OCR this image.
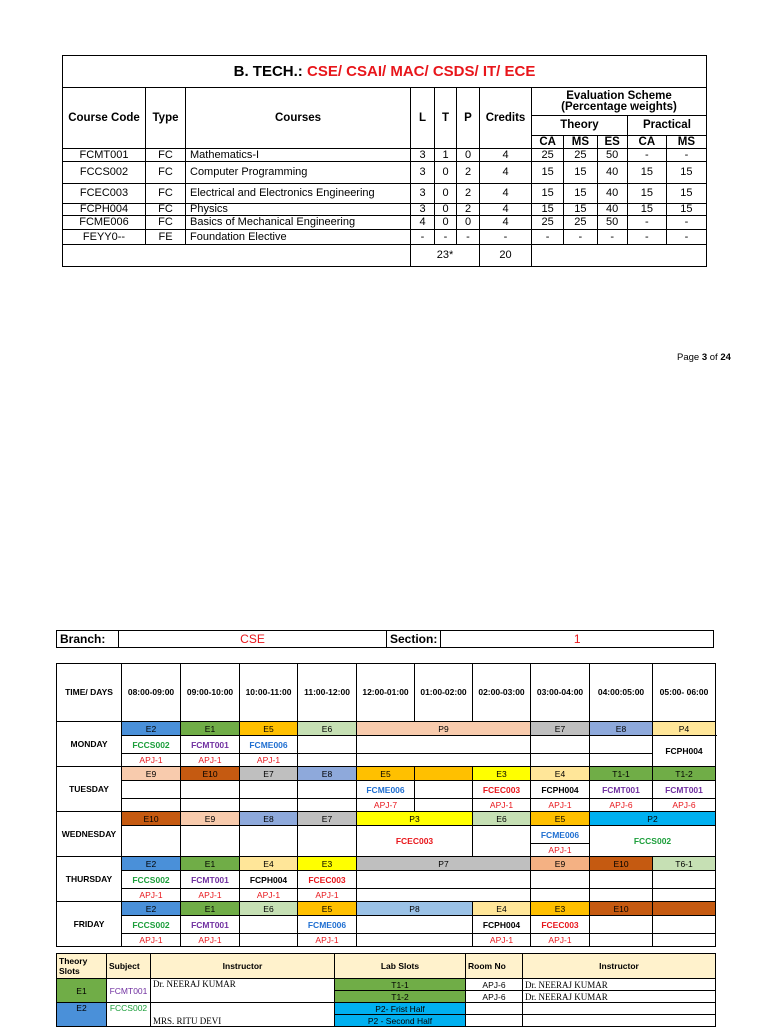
B. TECH.: CSE/ CSAI/ MAC/ CSDS/ IT/ ECE											
Course Code	Type	Courses	L	T	P	Credits	Evaluation Scheme
(Percentage weights)				

							Theory			Practical	
							CA	MS	ES	CA	MS
FCMT001	FC	Mathematics-I	3	1	0	4	25	25	50	-	-
FCCS002	FC	Computer Programming	3	0	2	4	15	15	40	15	15
FCEC003	FC	Electrical and Electronics Engineering	3	0	2	4	15	15	40	15	15
FCPH004	FC	Physics	3	0	2	4	15	15	40	15	15
FCME006	FC	Basics of Mechanical Engineering	4	0	0	4	25	25	50	-	-
FEYY0--	FE	Foundation Elective	-	-	-	-	-	-	-	-	-
			23*			20					
Page 3 of 24
Branch:	CSE	Section:	1
TIME/ DAYS	08:00-09:00	09:00-10:00	10:00-11:00	11:00-12:00	12:00-01:00	01:00-02:00	02:00-03:00	03:00-04:00	04:00:05:00	05:00- 06:00	
MONDAY	E2	E1	E5	E6	P9			E7	E8	P4	
	FCCS002	FCMT001	FCME006							FCPH004	
	APJ-1	APJ-1	APJ-1								
TUESDAY	E9	E10	E7	E8	E5		E3	E4	T1-1	T1-2	
					FCME006		FCEC003	FCPH004	FCMT001	FCMT001	
					APJ-7		APJ-1	APJ-1	APJ-6	APJ-6	
WEDNESDAY	E10	E9	E8	E7	P3		E6	E5	P2		
					FCEC003			FCME006	FCCS002		
								APJ-1			
THURSDAY	E2	E1	E4	E3	P7			E9	E10	T6-1	
	FCCS002	FCMT001	FCPH004	FCEC003							
	APJ-1	APJ-1	APJ-1	APJ-1							
FRIDAY	E2	E1	E6	E5	P8		E4	E3	E10		
	FCCS002	FCMT001		FCME006			FCPH004	FCEC003			
	APJ-1	APJ-1		APJ-1			APJ-1	APJ-1			
Theory Slots	Subject	Instructor	Lab Slots	Room No	Instructor
E1	FCMT001	Dr. NEERAJ KUMAR	T1-1	APJ-6	Dr. NEERAJ KUMAR
			T1-2	APJ-6	Dr. NEERAJ KUMAR
E2	FCCS002	MRS. RITU DEVI	P2- Frist Half		
			P2 - Second Half		
